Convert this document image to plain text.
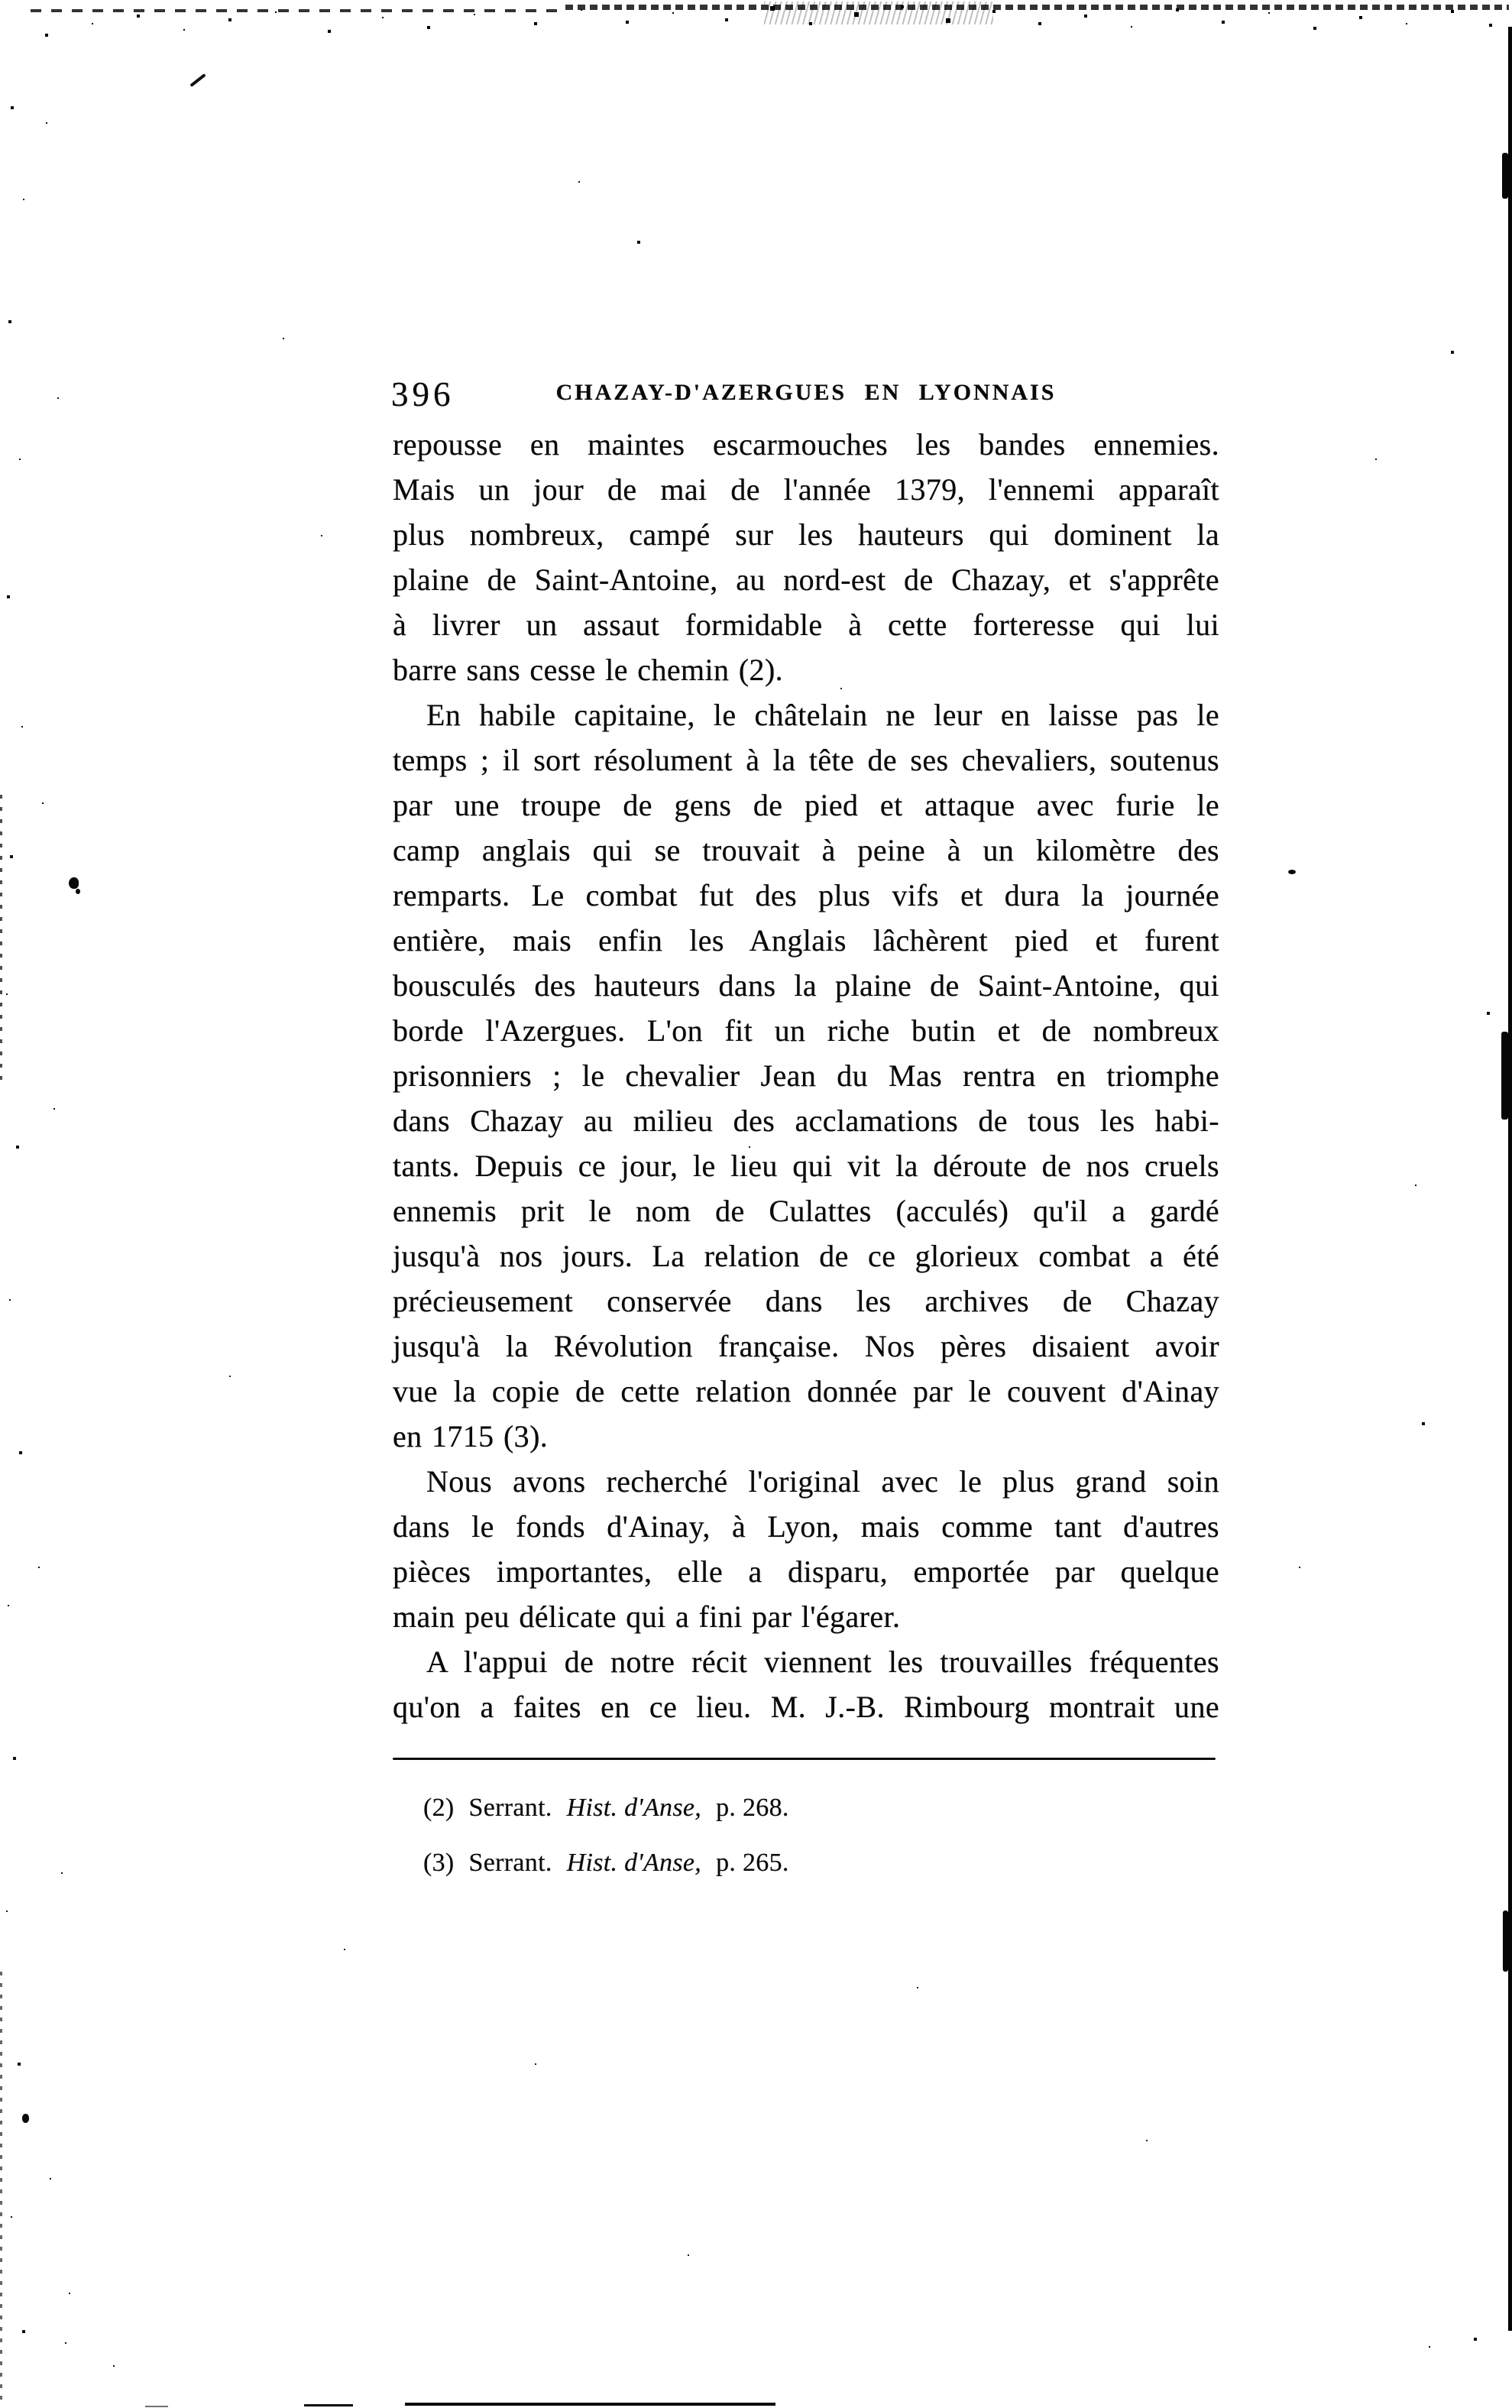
396	CHAZAY-D'AZERGUES EN LYONNAIS
repousse en maintes escarmouches les bandes ennemies.
Mais un jour de mai de l'année 1379, l'ennemi apparaît
plus nombreux, campé sur les hauteurs qui dominent la
plaine de Saint-Antoine, au nord-est de Chazay, et s'apprête
à livrer un assaut formidable à cette forteresse qui lui
barre sans cesse le chemin (2).
En habile capitaine, le châtelain ne leur en laisse pas le
temps ; il sort résolument à la tête de ses chevaliers, soutenus
par une troupe de gens de pied et attaque avec furie le
camp anglais qui se trouvait à peine à un kilomètre des
remparts. Le combat fut des plus vifs et dura la journée
entière, mais enfin les Anglais lâchèrent pied et furent
bousculés des hauteurs dans la plaine de Saint-Antoine, qui
borde l'Azergues. L'on fit un riche butin et de nombreux
prisonniers ; le chevalier Jean du Mas rentra en triomphe
dans Chazay au milieu des acclamations de tous les habi-
tants. Depuis ce jour, le lieu qui vit la déroute de nos cruels
ennemis prit le nom de Culattes (acculés) qu'il a gardé
jusqu'à nos jours. La relation de ce glorieux combat a été
précieusement conservée dans les archives de Chazay
jusqu'à la Révolution française. Nos pères disaient avoir
vue la copie de cette relation donnée par le couvent d'Ainay
en 1715 (3).
Nous avons recherché l'original avec le plus grand soin
dans le fonds d'Ainay, à Lyon, mais comme tant d'autres
pièces importantes, elle a disparu, emportée par quelque
main peu délicate qui a fini par l'égarer.
A l'appui de notre récit viennent les trouvailles fréquentes
qu'on a faites en ce lieu. M. J.-B. Rimbourg montrait une
(2) Serrant. Hist. d'Anse, p. 268.
(3) Serrant. Hist. d'Anse, p. 265.
